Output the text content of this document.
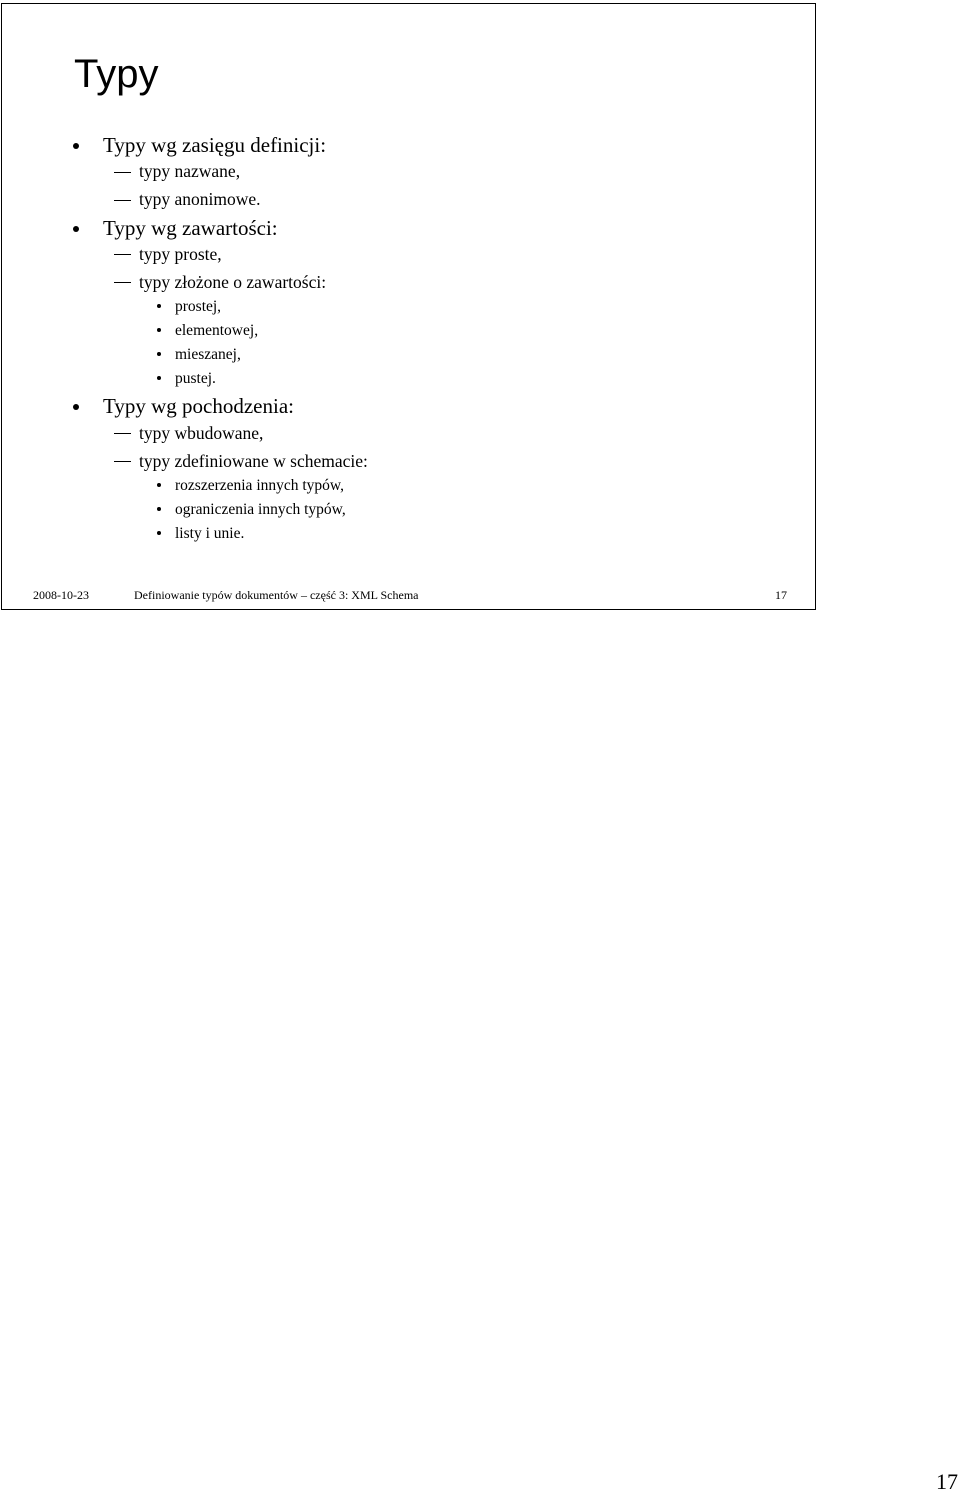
Typy
Typy wg zasięgu definicji:
typy nazwane,
typy anonimowe.
Typy wg zawartości:
typy proste,
typy złożone o zawartości:
prostej,
elementowej,
mieszanej,
pustej.
Typy wg pochodzenia:
typy wbudowane,
typy zdefiniowane w schemacie:
rozszerzenia innych typów,
ograniczenia innych typów,
listy i unie.
2008-10-23	Definiowanie typów dokumentów – część 3: XML Schema	17
17
